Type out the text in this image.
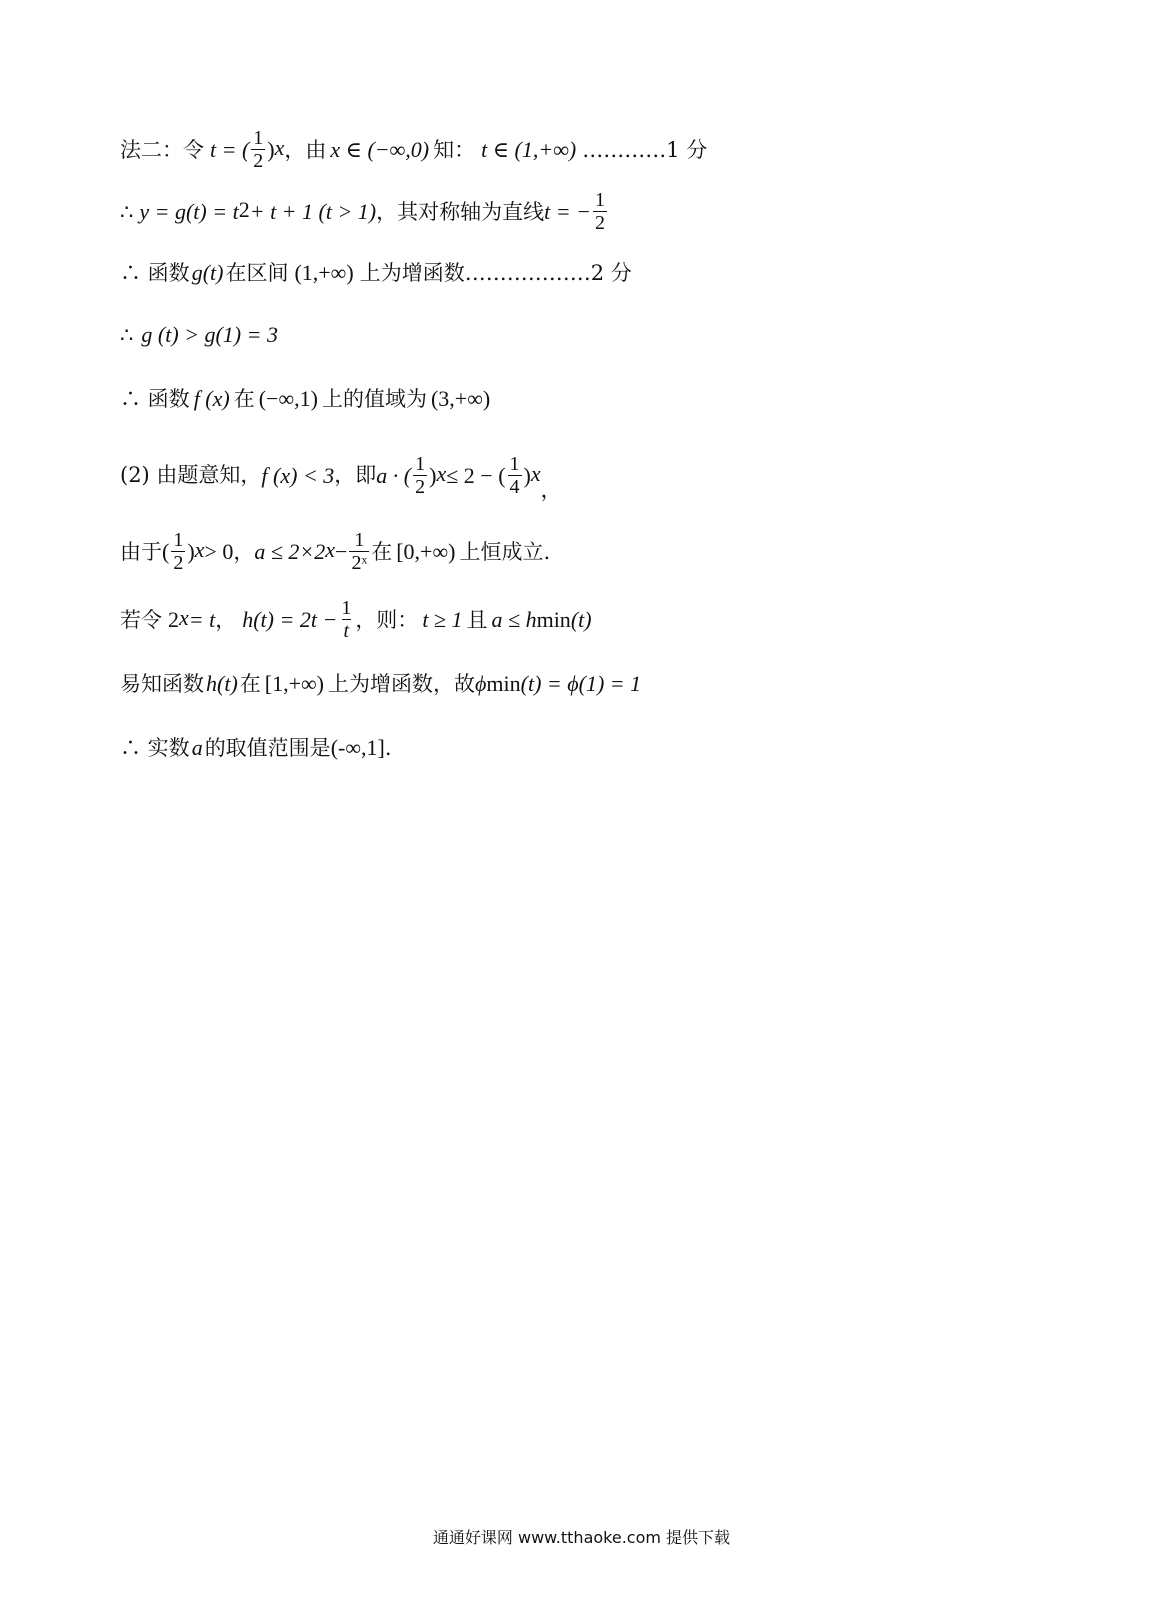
法二：令 t = ( $\frac{1}{2} )^x$ ，由 x ∈ (−∞,0) 知： t ∈ (1,+∞) …………1 分
∴ $y = g(t) = t^2 + t + 1$ (t > 1) ，其对称轴为直线 t = − $\frac{1}{2}$
∴ 函数 g(t) 在区间 (1,+∞) 上为增函数 ………………2 分
∴ g (t) > g(1) = 3
∴ 函数 f (x) 在 (−∞,1) 上的值域为 (3,+∞)
(2) 由题意知， f (x) < 3 ，即 a · ( $\frac{1}{2} )^x \le 2$ − ( $\frac{1}{4} )^x$
，
由于 ( $\frac{1}{2} )^x > 0$ ， $a \le 2\times 2^x - \frac{1}{\text{2ˣ}}$ 在 [0,+∞) 上恒成立.
若令 $2^x = t$ ， $h(t) = 2t - \frac{1}{t}$ ，则： t ≥ 1 且 a ≤ h min (t)
易知函数 h(t) 在 [1,+∞) 上为增函数，故 ϕ min (t) = ϕ(1) = 1
∴ 实数 a 的取值范围是 (-∞,1] .
通通好课网 www.tthaoke.com 提供下载
